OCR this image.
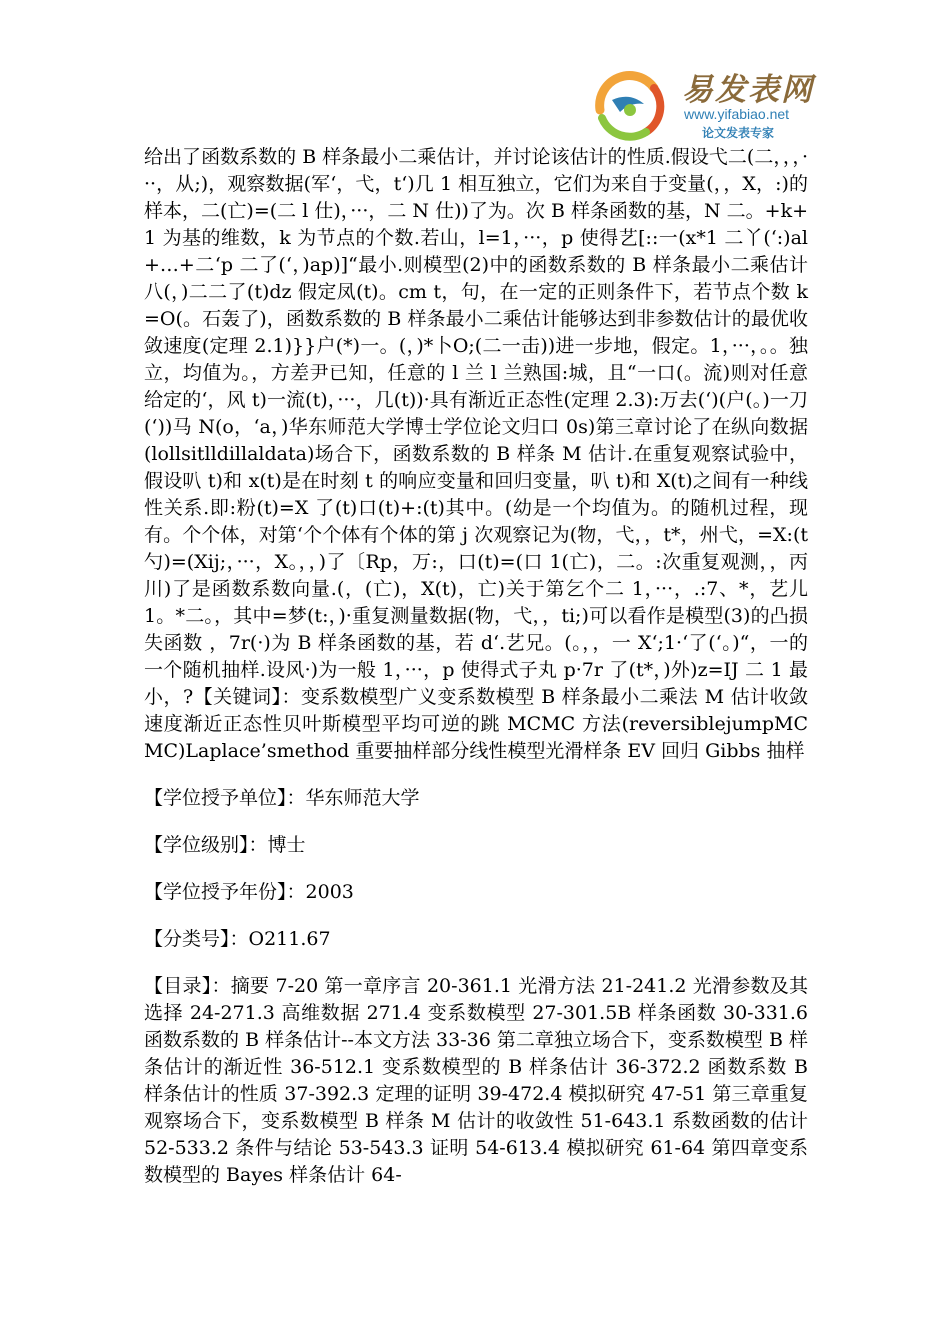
易发表网
www.yifabiao.net
论文发表专家

给出了函数系数的 B 样条最小二乘估计，并讨论该估计的性质.假设弋二(二，，，···，从;)，观察数据(军‘，弋，t‘)几 1 相互独立，它们为来自于变量(，，X，:)的样本，二(亡)=(二 l 仕)，···，二 N 仕))了为。次 B 样条函数的基，N 二。+k+1 为基的维数，k 为节点的个数.若山，l=1，···，p 使得艺[::一(x*1 二丫(‘:)al+…+二‘p 二了(‘，)ap)]“最小.则模型(2)中的函数系数的 B 样条最小二乘估计八(，)二二了(t)dz 假定凤(t)。cm t，句，在一定的正则条件下，若节点个数 k=O(。石轰了)，函数系数的 B 样条最小二乘估计能够达到非参数估计的最优收敛速度(定理 2.1)}}户(*)一。(，)*卜O;(二一击))进一步地，假定。1，···，。。独立，均值为。，方差尹已知，任意的 l 兰 l 兰熟国:城，且“一口(。流)则对任意给定的‘，风 t)一流(t)，···，几(t))·具有渐近正态性(定理 2.3):万去(‘)(户(。)一刀(‘))马 N(o，‘a，)华东师范大学博士学位论文归口 0s)第三章讨论了在纵向数据(lollsitlldillaldata)场合下，函数系数的 B 样条 M 估计.在重复观察试验中，假设叭 t)和 x(t)是在时刻 t 的响应变量和回归变量，叭 t)和 X(t)之间有一种线性关系.即:粉(t)=X 了(t)口(t)+:(t)其中。(幼是一个均值为。的随机过程，现有。个个体，对第‘个个体有个体的第 j 次观察记为(物，弋，，t*，州弋，=X:(t 勺)=(Xij;，···，X。，，)了〔Rp，万:，口(t)=(口 1(亡)，二。:次重复观测，，丙川)了是函数系数向量.(，(亡)，X(t)，亡)关于第乞个二 1，···，.:7、*，艺儿 1。*二。，其中=梦(t:，)·重复测量数据(物，弋，，ti;)可以看作是模型(3)的凸损失函数 ，7r(·)为 B 样条函数的基，若 d‘.艺兄。(。，，一 X‘;1·‘了(‘。)“，一的一个随机抽样.设风·)为一般 1，···，p 使得式子丸 p·7r 了(t*，)外)z=IJ 二 1 最小，?【关键词】：变系数模型广义变系数模型 B 样条最小二乘法 M 估计收敛速度渐近正态性贝叶斯模型平均可逆的跳 MCMC 方法(reversiblejumpMCMC)Laplace’smethod 重要抽样部分线性模型光滑样条 EV 回归 Gibbs 抽样

【学位授予单位】：华东师范大学

【学位级别】：博士

【学位授予年份】：2003

【分类号】：O211.67

【目录】：摘要 7-20 第一章序言 20-361.1 光滑方法 21-241.2 光滑参数及其选择 24-271.3 高维数据 271.4 变系数模型 27-301.5B 样条函数 30-331.6 函数系数的 B 样条估计--本文方法 33-36 第二章独立场合下，变系数模型 B 样条估计的渐近性 36-512.1 变系数模型的 B 样条估计 36-372.2 函数系数 B 样条估计的性质 37-392.3 定理的证明 39-472.4 模拟研究 47-51 第三章重复观察场合下，变系数模型 B 样条 M 估计的收敛性 51-643.1 系数函数的估计 52-533.2 条件与结论 53-543.3 证明 54-613.4 模拟研究 61-64 第四章变系数模型的 Bayes 样条估计 64-
